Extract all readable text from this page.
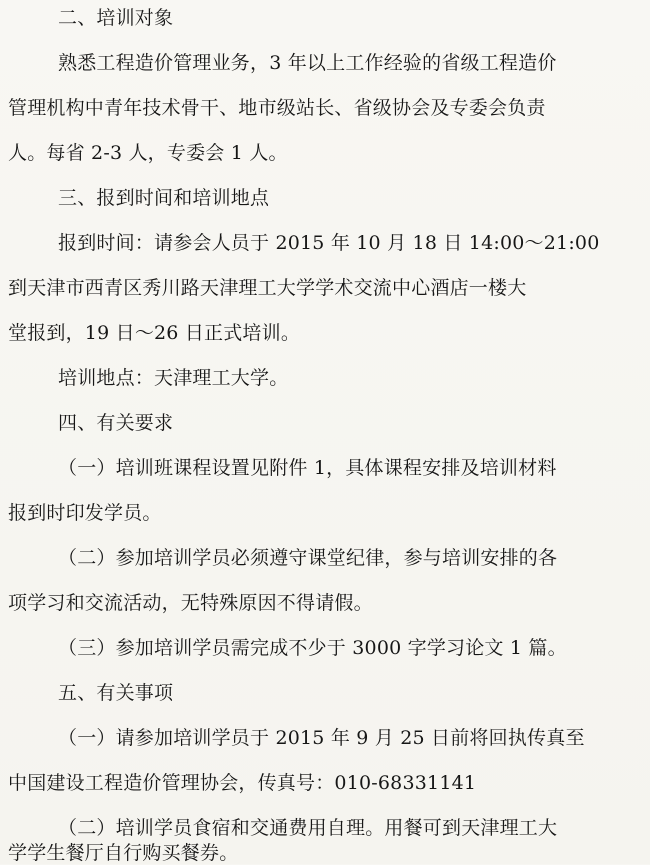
二、培训对象
熟悉工程造价管理业务，3 年以上工作经验的省级工程造价
管理机构中青年技术骨干、地市级站长、省级协会及专委会负责
人。每省 2-3 人，专委会 1 人。
三、报到时间和培训地点
报到时间：请参会人员于 2015 年 10 月 18 日 14:00～21:00
到天津市西青区秀川路天津理工大学学术交流中心酒店一楼大
堂报到，19 日～26 日正式培训。
培训地点：天津理工大学。
四、有关要求
（一）培训班课程设置见附件 1，具体课程安排及培训材料
报到时印发学员。
（二）参加培训学员必须遵守课堂纪律，参与培训安排的各
项学习和交流活动，无特殊原因不得请假。
（三）参加培训学员需完成不少于 3000 字学习论文 1 篇。
五、有关事项
（一）请参加培训学员于 2015 年 9 月 25 日前将回执传真至
中国建设工程造价管理协会，传真号：010-68331141
（二）培训学员食宿和交通费用自理。用餐可到天津理工大
学学生餐厅自行购买餐券。
